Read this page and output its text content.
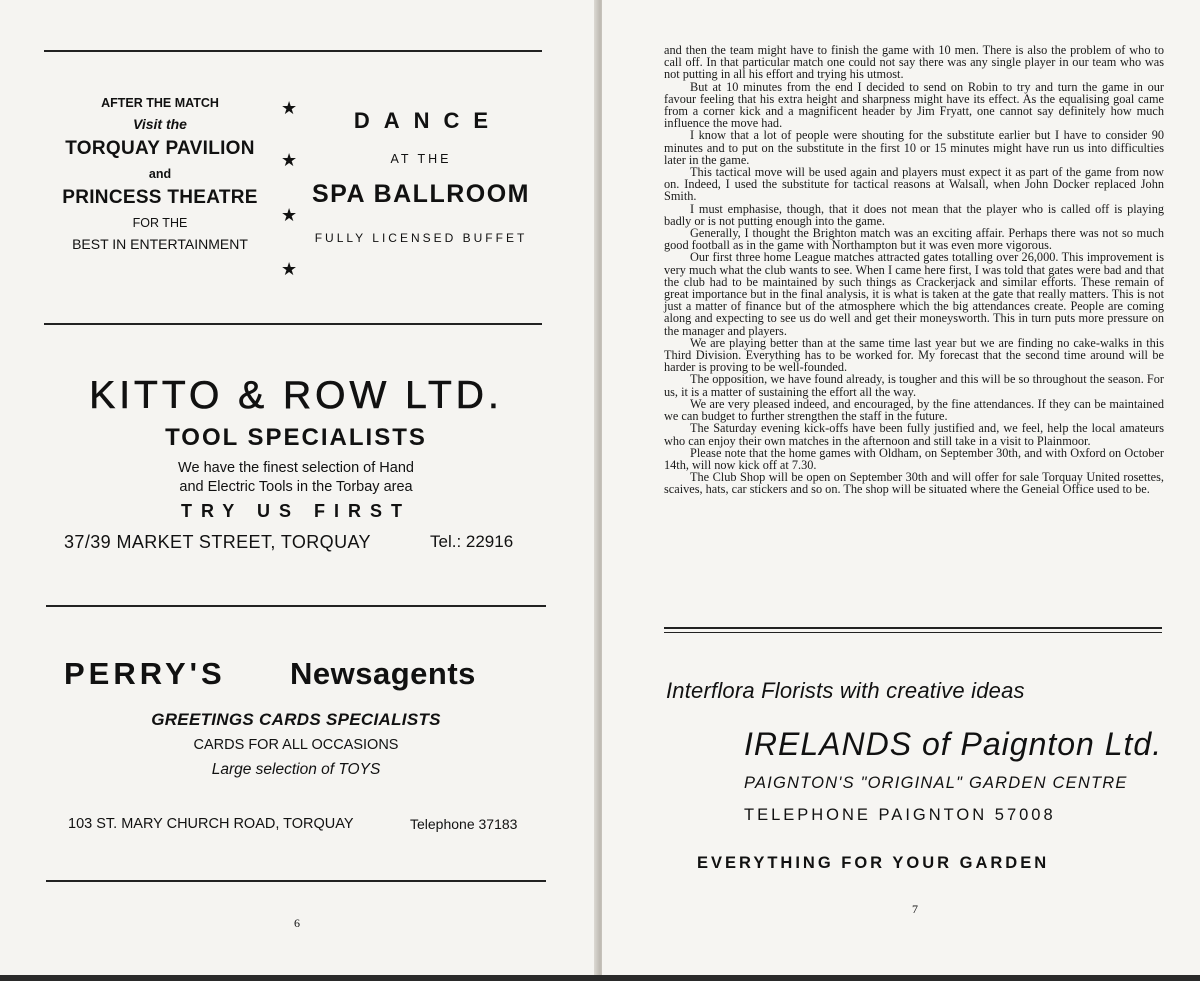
AFTER THE MATCH
Visit the
TORQUAY PAVILION
and
PRINCESS THEATRE
FOR THE
BEST IN ENTERTAINMENT
★
★
★
★
DANCE
AT THE
SPA BALLROOM
FULLY LICENSED BUFFET
KITTO & ROW LTD.
TOOL SPECIALISTS
We have the finest selection of Hand
and Electric Tools in the Torbay area
TRY US FIRST
37/39 MARKET STREET, TORQUAY	Tel.: 22916
PERRY'S Newsagents
GREETINGS CARDS SPECIALISTS
CARDS FOR ALL OCCASIONS
Large selection of TOYS
103 ST. MARY CHURCH ROAD, TORQUAY	Telephone 37183
6

and then the team might have to finish the game with 10 men. There is also the problem of who to call off. In that particular match one could not say there was any single player in our team who was not putting in all his effort and trying his utmost.

But at 10 minutes from the end I decided to send on Robin to try and turn the game in our favour feeling that his extra height and sharpness might have its effect. As the equalising goal came from a corner kick and a magnificent header by Jim Fryatt, one cannot say definitely how much influence the move had.

I know that a lot of people were shouting for the substitute earlier but I have to consider 90 minutes and to put on the substitute in the first 10 or 15 minutes might have run us into difficulties later in the game.

This tactical move will be used again and players must expect it as part of the game from now on. Indeed, I used the substitute for tactical reasons at Walsall, when John Docker replaced John Smith.

I must emphasise, though, that it does not mean that the player who is called off is playing badly or is not putting enough into the game.

Generally, I thought the Brighton match was an exciting affair. Perhaps there was not so much good football as in the game with Northampton but it was even more vigorous.

Our first three home League matches attracted gates totalling over 26,000. This improvement is very much what the club wants to see. When I came here first, I was told that gates were bad and that the club had to be maintained by such things as Crackerjack and similar efforts. These remain of great importance but in the final analysis, it is what is taken at the gate that really matters. This is not just a matter of finance but of the atmosphere which the big attendances create. People are coming along and expecting to see us do well and get their moneysworth. This in turn puts more pressure on the manager and players.

We are playing better than at the same time last year but we are finding no cake-walks in this Third Division. Everything has to be worked for. My forecast that the second time around will be harder is proving to be well-founded.

The opposition, we have found already, is tougher and this will be so throughout the season. For us, it is a matter of sustaining the effort all the way.

We are very pleased indeed, and encouraged, by the fine attendances. If they can be maintained we can budget to further strengthen the staff in the future.

The Saturday evening kick-offs have been fully justified and, we feel, help the local amateurs who can enjoy their own matches in the afternoon and still take in a visit to Plainmoor.

Please note that the home games with Oldham, on September 30th, and with Oxford on October 14th, will now kick off at 7.30.

The Club Shop will be open on September 30th and will offer for sale Torquay United rosettes, scaives, hats, car stickers and so on. The shop will be situated where the Geneial Office used to be.

Interflora Florists with creative ideas
IRELANDS of Paignton Ltd.
PAIGNTON'S "ORIGINAL" GARDEN CENTRE
TELEPHONE PAIGNTON 57008
EVERYTHING FOR YOUR GARDEN
7
